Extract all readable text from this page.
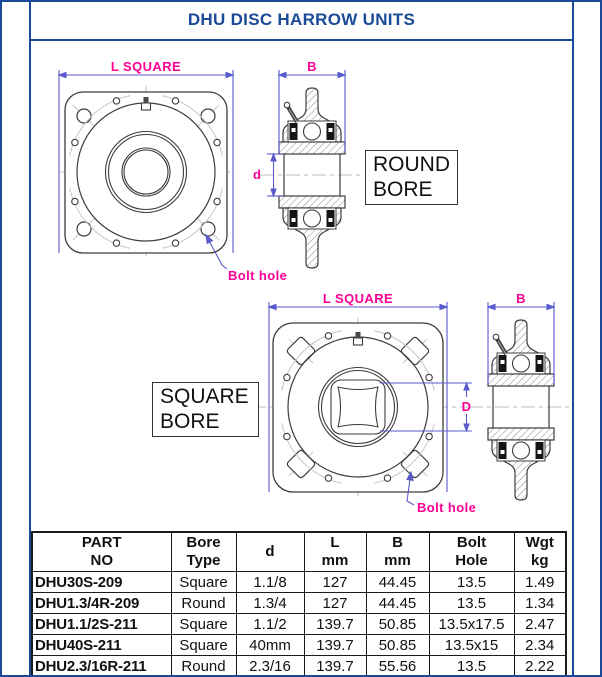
DHU DISC HARROW UNITS
L SQUARE	B
d
Bolt hole
L SQUARE	B
D
Bolt hole
ROUND
BORE
SQUARE
BORE
PART
NO

Bore
Type

d

L
mm

B
mm

Bolt
Hole

Wgt
kg

DHU30S-209	Square	1.1/8	127	44.45	13.5	1.49
DHU1.3/4R-209	Round	1.3/4	127	44.45	13.5	1.34
DHU1.1/2S-211	Square	1.1/2	139.7	50.85	13.5x17.5	2.47
DHU40S-211	Square	40mm	139.7	50.85	13.5x15	2.34
DHU2.3/16R-211	Round	2.3/16	139.7	55.56	13.5	2.22
